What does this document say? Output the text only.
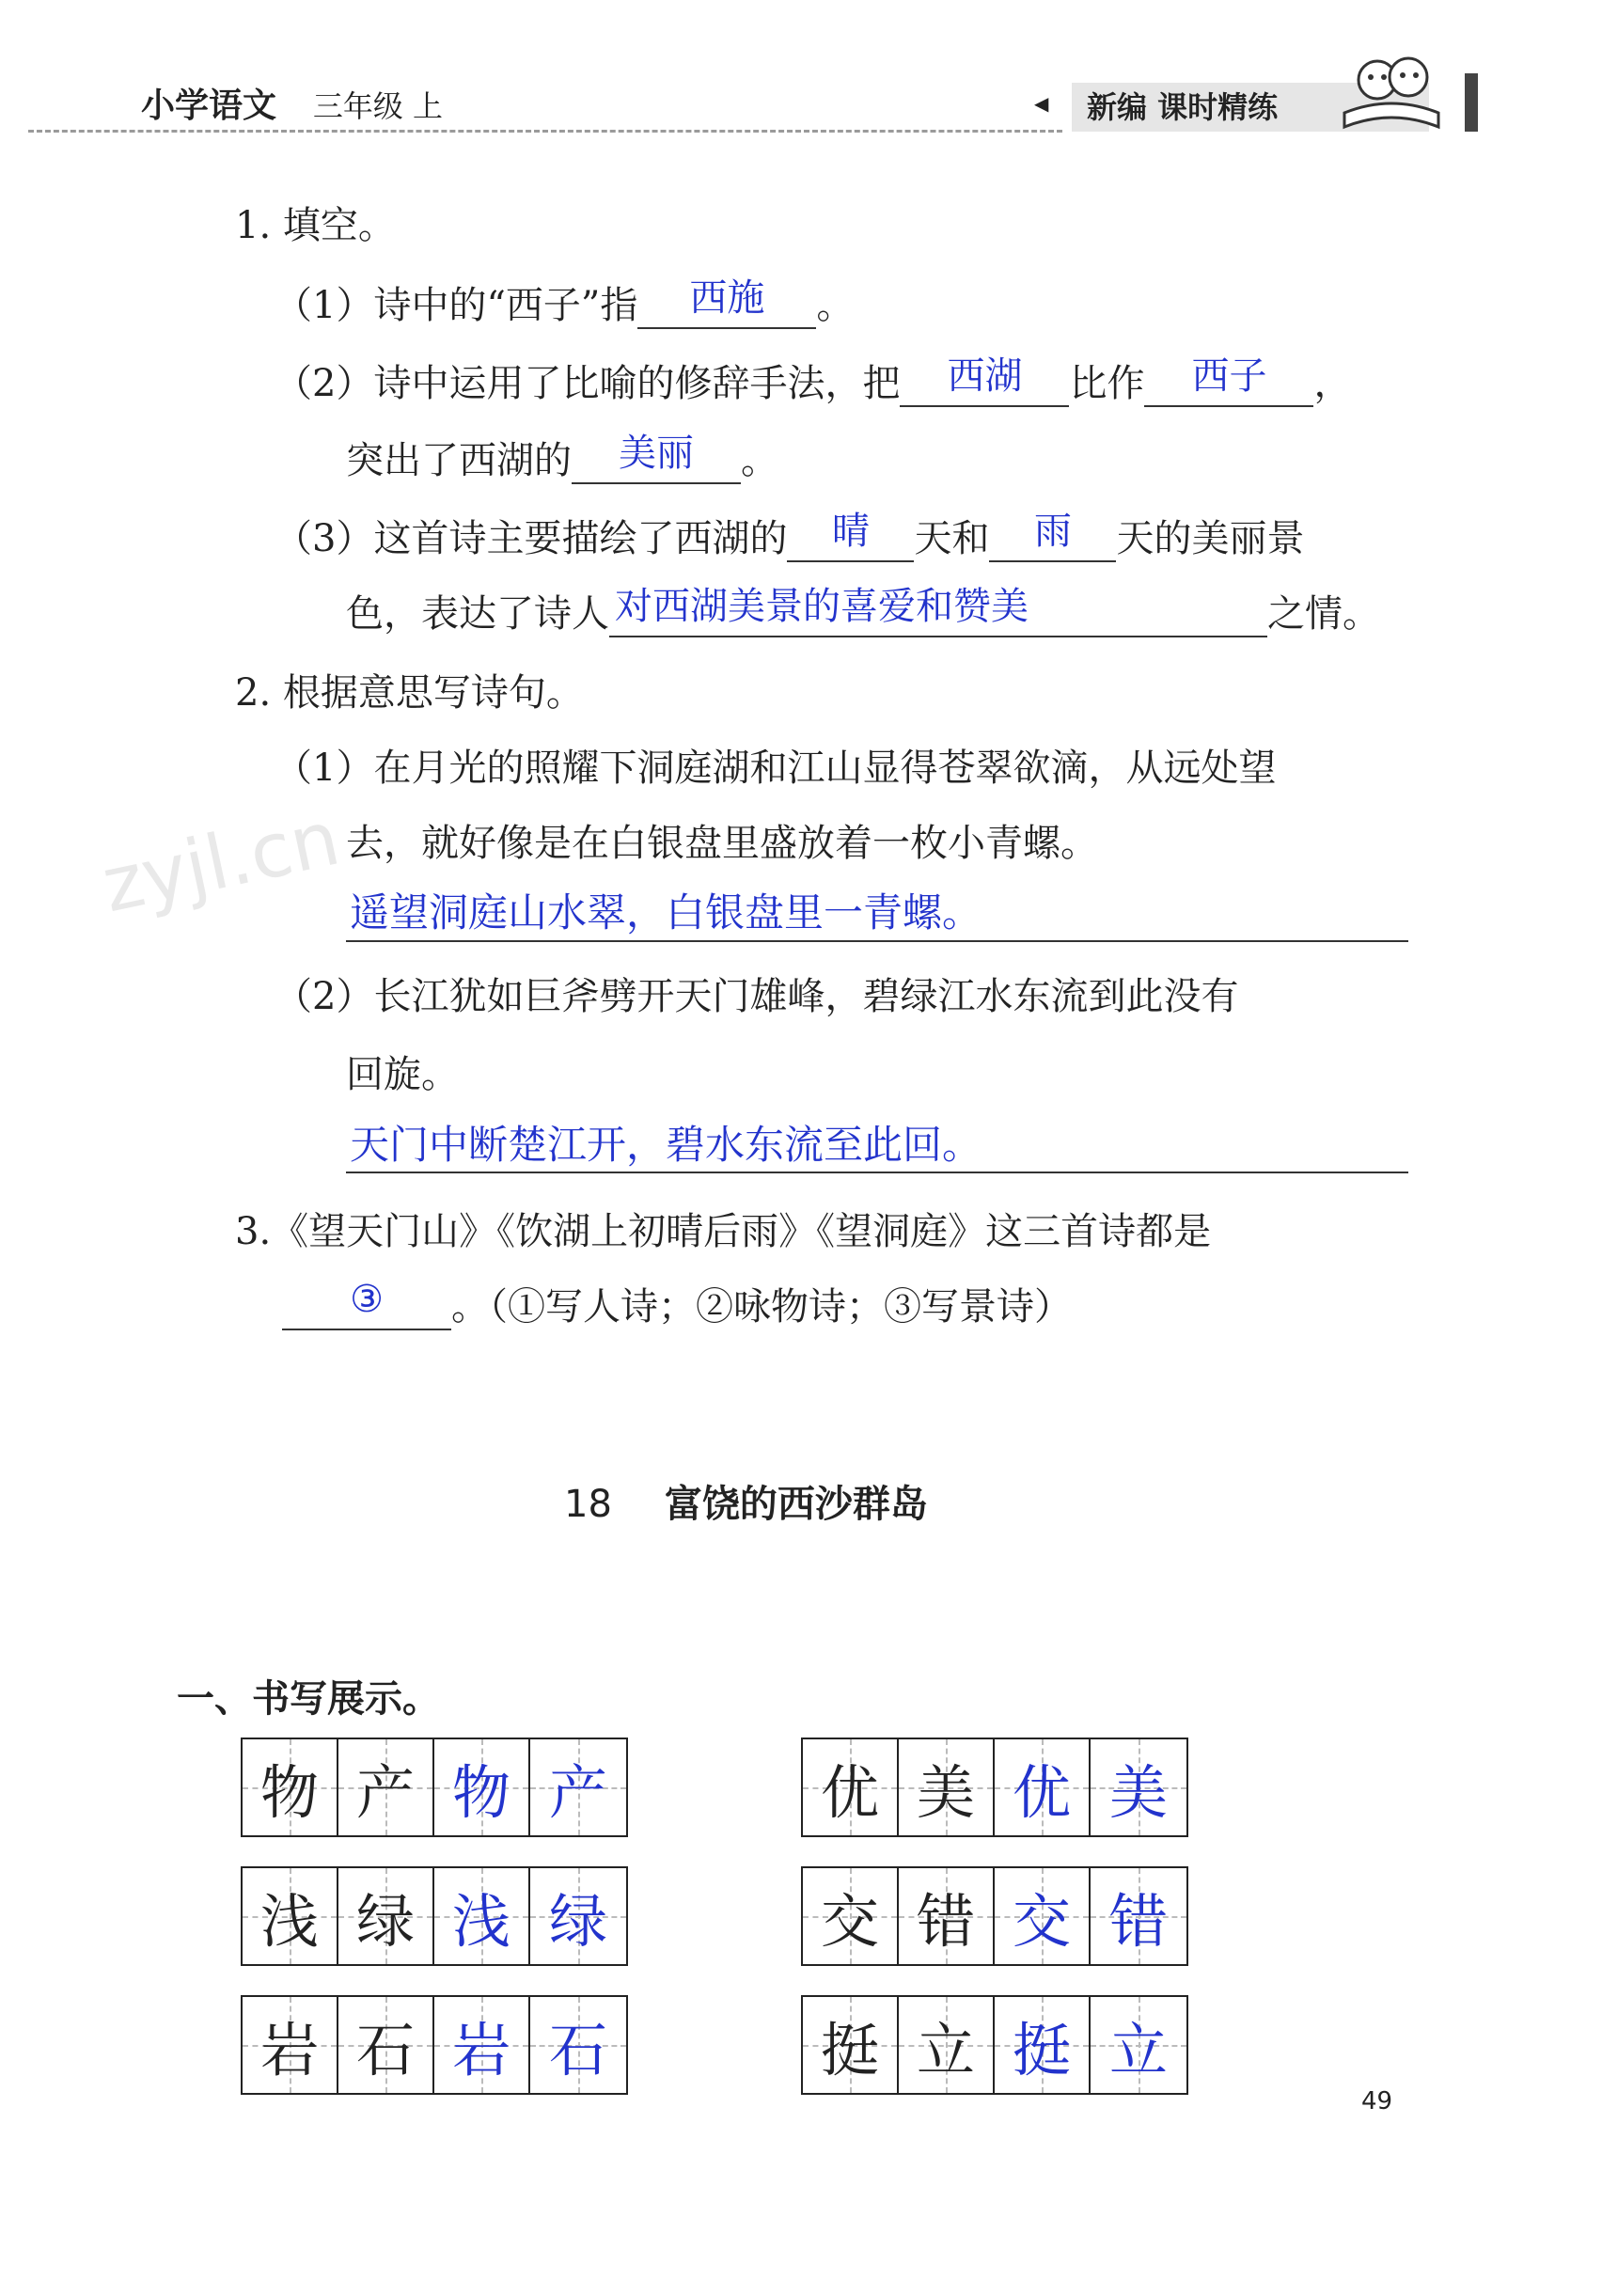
小学语文 三年级 上	◀	新编 课时精练
zyjl.cn
1. 填空。
（1）诗中的“西子”指	西施	。
（2）诗中运用了比喻的修辞手法，把	西湖	比作	西子	，
突出了西湖的	美丽	。
（3）这首诗主要描绘了西湖的	晴	天和	雨	天的美丽景
色，表达了诗人 对西湖美景的喜爱和赞美	之情。
2. 根据意思写诗句。
（1）在月光的照耀下洞庭湖和江山显得苍翠欲滴，从远处望
去，就好像是在白银盘里盛放着一枚小青螺。
遥望洞庭山水翠，白银盘里一青螺。
（2）长江犹如巨斧劈开天门雄峰，碧绿江水东流到此没有
回旋。
天门中断楚江开，碧水东流至此回。
3.《望天门山》《饮湖上初晴后雨》《望洞庭》这三首诗都是
③	。（①写人诗；②咏物诗；③写景诗）
18 富饶的西沙群岛
一、书写展示。
物 产 物 产	优 美 优 美
浅 绿 浅 绿	交 错 交 错
岩 石 岩 石	挺 立 挺 立
49
